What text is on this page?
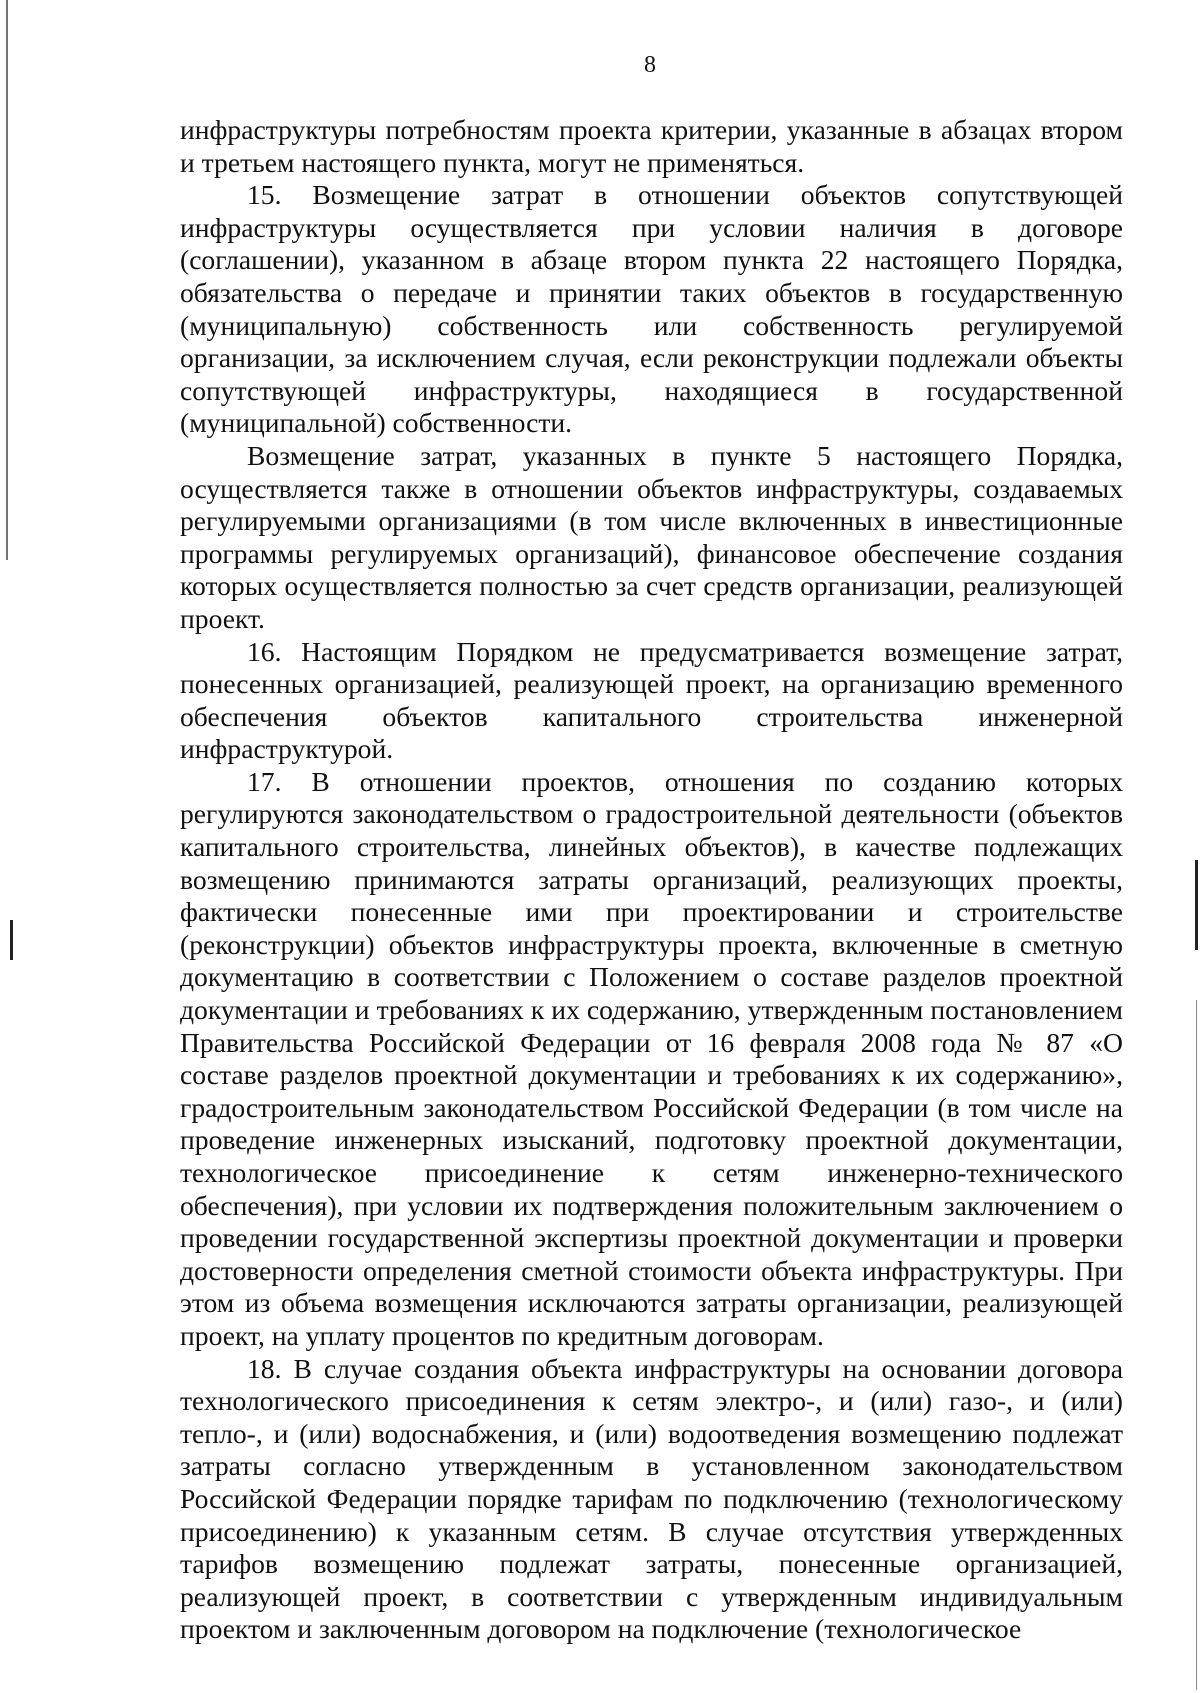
8

инфраструктуры потребностям проекта критерии, указанные в абзацах втором и третьем настоящего пункта, могут не применяться.

15. Возмещение затрат в отношении объектов сопутствующей инфраструктуры осуществляется при условии наличия в договоре (соглашении), указанном в абзаце втором пункта 22 настоящего Порядка, обязательства о передаче и принятии таких объектов в государственную (муниципальную) собственность или собственность регулируемой организации, за исключением случая, если реконструкции подлежали объекты сопутствующей инфраструктуры, находящиеся в государственной (муниципальной) собственности.

Возмещение затрат, указанных в пункте 5 настоящего Порядка, осуществляется также в отношении объектов инфраструктуры, создаваемых регулируемыми организациями (в том числе включенных в инвестиционные программы регулируемых организаций), финансовое обеспечение создания которых осуществляется полностью за счет средств организации, реализующей проект.

16. Настоящим Порядком не предусматривается возмещение затрат, понесенных организацией, реализующей проект, на организацию временного обеспечения объектов капитального строительства инженерной инфраструктурой.

17. В отношении проектов, отношения по созданию которых регулируются законодательством о градостроительной деятельности (объектов капитального строительства, линейных объектов), в качестве подлежащих возмещению принимаются затраты организаций, реализующих проекты, фактически понесенные ими при проектировании и строительстве (реконструкции) объектов инфраструктуры проекта, включенные в сметную документацию в соответствии с Положением о составе разделов проектной документации и требованиях к их содержанию, утвержденным постановлением Правительства Российской Федерации от 16 февраля 2008 года № 87 «О составе разделов проектной документации и требованиях к их содержанию», градостроительным законодательством Российской Федерации (в том числе на проведение инженерных изысканий, подготовку проектной документации, технологическое присоединение к сетям инженерно-технического обеспечения), при условии их подтверждения положительным заключением о проведении государственной экспертизы проектной документации и проверки достоверности определения сметной стоимости объекта инфраструктуры. При этом из объема возмещения исключаются затраты организации, реализующей проект, на уплату процентов по кредитным договорам.

18. В случае создания объекта инфраструктуры на основании договора технологического присоединения к сетям электро-, и (или) газо-, и (или) тепло-, и (или) водоснабжения, и (или) водоотведения возмещению подлежат затраты согласно утвержденным в установленном законодательством Российской Федерации порядке тарифам по подключению (технологическому присоединению) к указанным сетям. В случае отсутствия утвержденных тарифов возмещению подлежат затраты, понесенные организацией, реализующей проект, в соответствии с утвержденным индивидуальным проектом и заключенным договором на подключение (технологическое
